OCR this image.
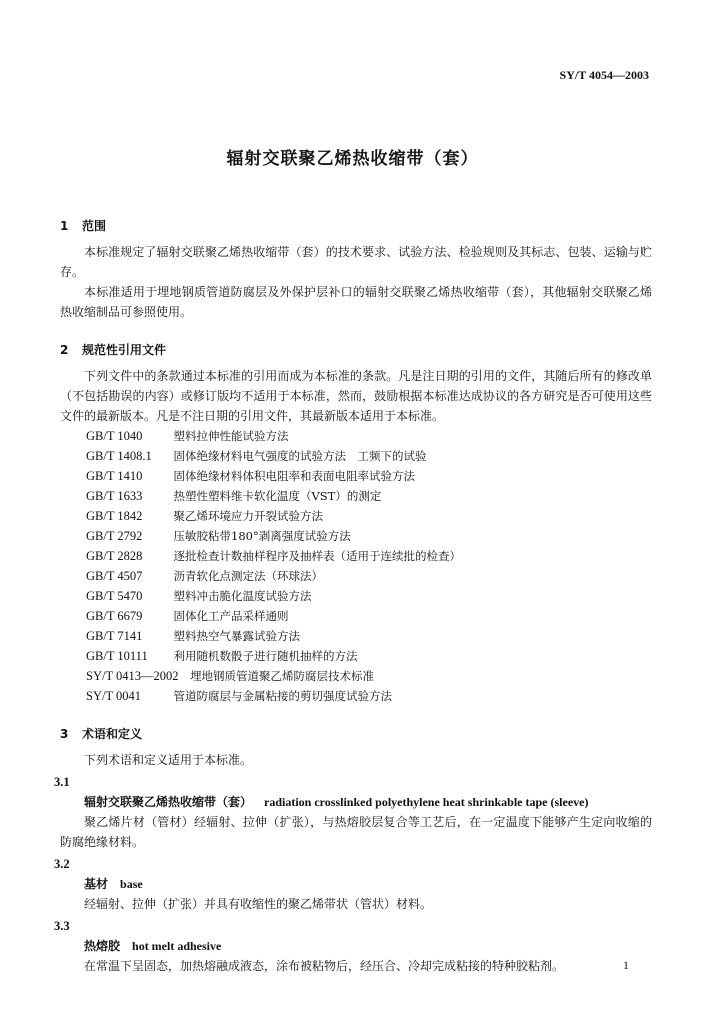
SY/T 4054—2003
辐射交联聚乙烯热收缩带（套）
1 范围
本标准规定了辐射交联聚乙烯热收缩带（套）的技术要求、试验方法、检验规则及其标志、包装、运输与贮存。
本标准适用于埋地钢质管道防腐层及外保护层补口的辐射交联聚乙烯热收缩带（套），其他辐射交联聚乙烯热收缩制品可参照使用。
2 规范性引用文件
下列文件中的条款通过本标准的引用而成为本标准的条款。凡是注日期的引用的文件，其随后所有的修改单（不包括勘误的内容）或修订版均不适用于本标准，然而，鼓励根据本标准达成协议的各方研究是否可使用这些文件的最新版本。凡是不注日期的引用文件，其最新版本适用于本标准。
GB/T 1040　	塑料拉伸性能试验方法
GB/T 1408.1　 固体绝缘材料电气强度的试验方法　工频下的试验
GB/T 1410　	固体绝缘材料体积电阻率和表面电阻率试验方法
GB/T 1633　	热塑性塑料维卡软化温度（VST）的测定
GB/T 1842　	聚乙烯环境应力开裂试验方法
GB/T 2792　	压敏胶粘带180°剥离强度试验方法
GB/T 2828　	逐批检查计数抽样程序及抽样表（适用于连续批的检查）
GB/T 4507　	沥青软化点测定法（环球法）
GB/T 5470　	塑料冲击脆化温度试验方法
GB/T 6679　	固体化工产品采样通则
GB/T 7141　	塑料热空气暴露试验方法
GB/T 10111　 利用随机数骰子进行随机抽样的方法
SY/T 0413—2002　 埋地钢质管道聚乙烯防腐层技术标准
SY/T 0041　	管道防腐层与金属粘接的剪切强度试验方法
3 术语和定义
下列术语和定义适用于本标准。
3.1
辐射交联聚乙烯热收缩带（套） radiation crosslinked polyethylene heat shrinkable tape (sleeve)
聚乙烯片材（管材）经辐射、拉伸（扩张），与热熔胶层复合等工艺后，在一定温度下能够产生定向收缩的防腐绝缘材料。
3.2
基材 base
经辐射、拉伸（扩张）并具有收缩性的聚乙烯带状（管状）材料。
3.3
热熔胶 hot melt adhesive
在常温下呈固态，加热熔融成液态，涂布被粘物后，经压合、冷却完成粘接的特种胶粘剂。	1
